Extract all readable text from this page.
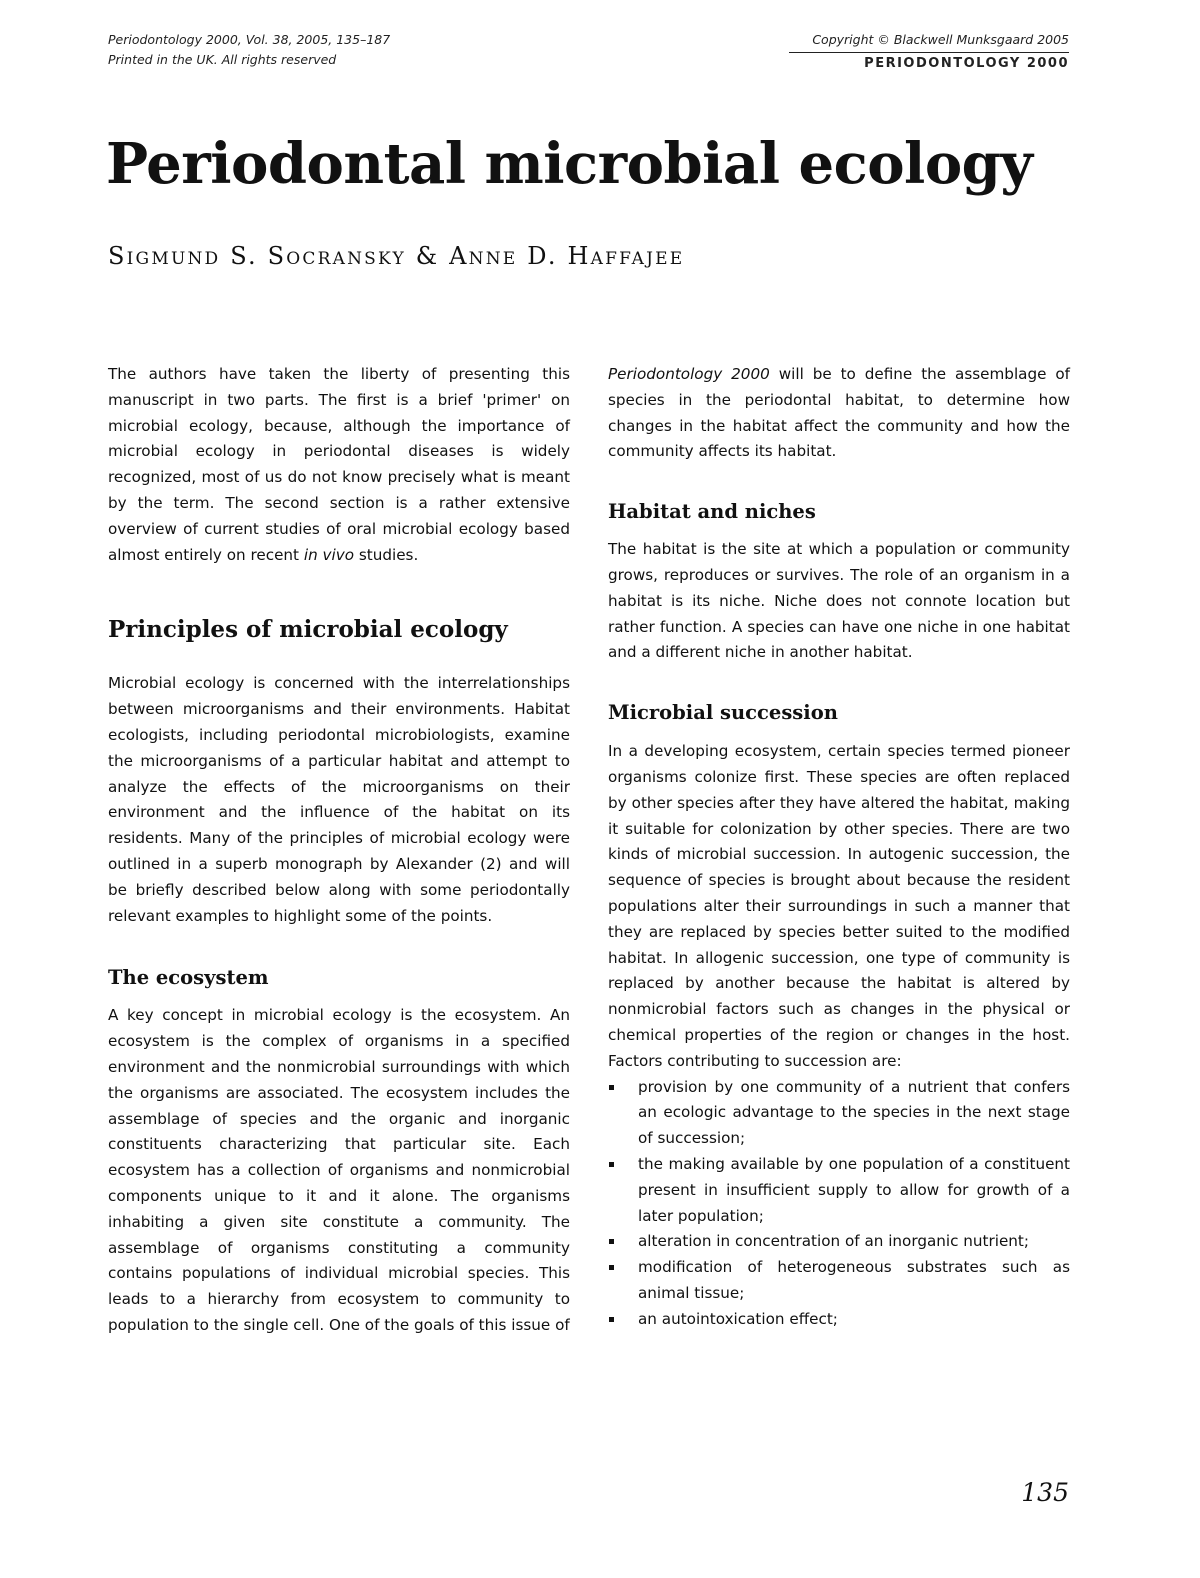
Periodontology 2000, Vol. 38, 2005, 135–187
Printed in the UK. All rights reserved
Copyright © Blackwell Munksgaard 2005
PERIODONTOLOGY 2000
Periodontal microbial ecology
Sigmund S. Socransky & Anne D. Haffajee

The authors have taken the liberty of presenting this manuscript in two parts. The first is a brief 'primer' on microbial ecology, because, although the importance of microbial ecology in periodontal diseases is widely recognized, most of us do not know precisely what is meant by the term. The second section is a rather extensive overview of current studies of oral microbial ecology based almost entirely on recent in vivo studies.

Principles of microbial ecology

Microbial ecology is concerned with the interrelationships between microorganisms and their environments. Habitat ecologists, including periodontal microbiologists, examine the microorganisms of a particular habitat and attempt to analyze the effects of the microorganisms on their environment and the influence of the habitat on its residents. Many of the principles of microbial ecology were outlined in a superb monograph by Alexander (2) and will be briefly described below along with some periodontally relevant examples to highlight some of the points.

The ecosystem

A key concept in microbial ecology is the ecosystem. An ecosystem is the complex of organisms in a specified environment and the nonmicrobial surroundings with which the organisms are associated. The ecosystem includes the assemblage of species and the organic and inorganic constituents characterizing that particular site. Each ecosystem has a collection of organisms and nonmicrobial components unique to it and it alone. The organisms inhabiting a given site constitute a community. The assemblage of organisms constituting a community contains populations of individual microbial species. This leads to a hierarchy from ecosystem to community to population to the single cell. One of the goals of this issue of

Periodontology 2000 will be to define the assemblage of species in the periodontal habitat, to determine how changes in the habitat affect the community and how the community affects its habitat.

Habitat and niches

The habitat is the site at which a population or community grows, reproduces or survives. The role of an organism in a habitat is its niche. Niche does not connote location but rather function. A species can have one niche in one habitat and a different niche in another habitat.

Microbial succession

In a developing ecosystem, certain species termed pioneer organisms colonize first. These species are often replaced by other species after they have altered the habitat, making it suitable for colonization by other species. There are two kinds of microbial succession. In autogenic succession, the sequence of species is brought about because the resident populations alter their surroundings in such a manner that they are replaced by species better suited to the modified habitat. In allogenic succession, one type of community is replaced by another because the habitat is altered by nonmicrobial factors such as changes in the physical or chemical properties of the region or changes in the host. Factors contributing to succession are:

provision by one community of a nutrient that confers an ecologic advantage to the species in the next stage of succession;
the making available by one population of a constituent present in insufficient supply to allow for growth of a later population;
alteration in concentration of an inorganic nutrient;
modification of heterogeneous substrates such as animal tissue;
an autointoxication effect;
135
